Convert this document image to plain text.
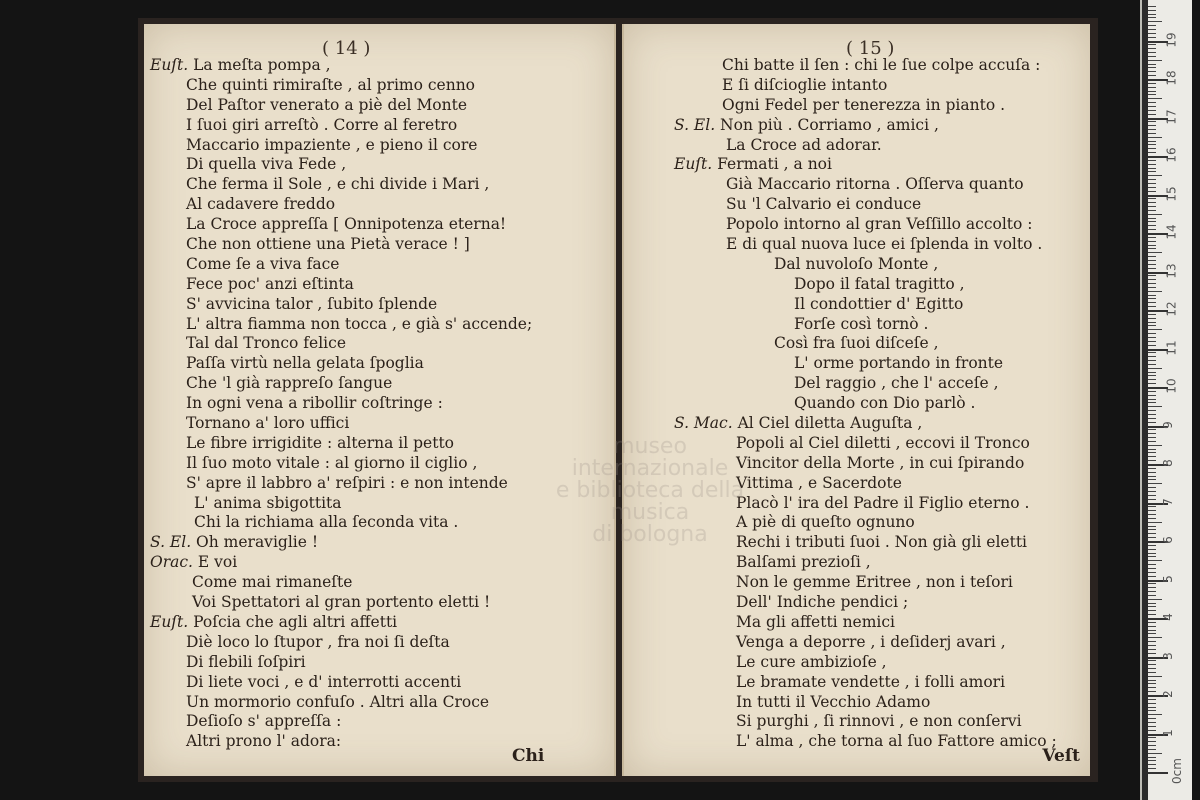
( 14 )
Euſt. La meſta pompa ,
Che quinti rimiraſte , al primo cenno
Del Paſtor venerato a piè del Monte
I ſuoi giri arreſtò . Corre al feretro
Maccario impaziente , e pieno il core
Di quella viva Fede ,
Che ferma il Sole , e chi divide i Mari ,
Al cadavere freddo
La Croce appreſſa [ Onnipotenza eterna!
Che non ottiene una Pietà verace ! ]
Come ſe a viva face
Fece poc' anzi eſtinta
S' avvicina talor , ſubito ſplende
L' altra fiamma non tocca , e già s' accende;
Tal dal Tronco felice
Paſſa virtù nella gelata ſpoglia
Che 'l già rappreſo ſangue
In ogni vena a ribollir coſtringe :
Tornano a' loro uffici
Le fibre irrigidite : alterna il petto
Il ſuo moto vitale : al giorno il ciglio ,
S' apre il labbro a' reſpiri : e non intende
L' anima sbigottita
Chi la richiama alla ſeconda vita .
S. El. Oh meraviglie !
Orac. E voi
Come mai rimaneſte
Voi Spettatori al gran portento eletti !
Euſt. Poſcia che agli altri affetti
Diè loco lo ſtupor , fra noi ſi deſta
Di flebili ſoſpiri
Di liete voci , e d' interrotti accenti
Un mormorio confuſo . Altri alla Croce
Deſioſo s' appreſſa :
Altri prono l' adora:
Chi
( 15 )
Chi batte il ſen : chi le ſue colpe accuſa :
E ſi diſcioglie intanto
Ogni Fedel per tenerezza in pianto .
S. El. Non più . Corriamo , amici ,
La Croce ad adorar.
Euſt. Fermati , a noi
Già Maccario ritorna . Oſſerva quanto
Su 'l Calvario ei conduce
Popolo intorno al gran Veſſillo accolto :
E di qual nuova luce ei ſplenda in volto .
Dal nuvoloſo Monte ,
Dopo il fatal tragitto ,
Il condottier d' Egitto
Forſe così tornò .
Così fra ſuoi diſceſe ,
L' orme portando in fronte
Del raggio , che l' acceſe ,
Quando con Dio parlò .
S. Mac. Al Ciel diletta Auguſta ,
Popoli al Ciel diletti , eccovi il Tronco
Vincitor della Morte , in cui ſpirando
Vittima , e Sacerdote
Placò l' ira del Padre il Figlio eterno .
A piè di queſto ognuno
Rechi i tributi ſuoi . Non già gli eletti
Balſami prezioſi ,
Non le gemme Eritree , non i teſori
Dell' Indiche pendici ;
Ma gli affetti nemici
Venga a deporre , i deſiderj avari ,
Le cure ambizioſe ,
Le bramate vendette , i folli amori
In tutti il Vecchio Adamo
Si purghi , ſi rinnovi , e non conſervi
L' alma , che torna al ſuo Fattore amico ;
Veſt
museo internazionale
e biblioteca della musica
di bologna
0cm
1
2
3
4
5
6
7
8
9
10
11
12
13
14
15
16
17
18
19
